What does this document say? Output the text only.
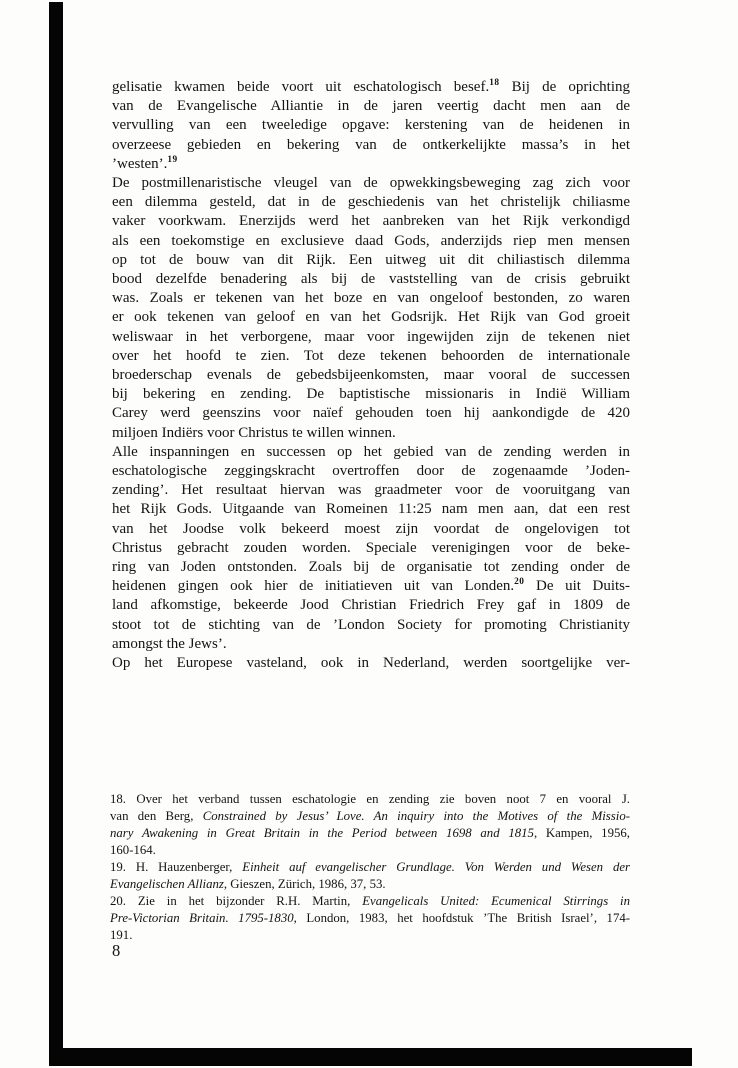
gelisatie kwamen beide voort uit eschatologisch besef.$^{18}$ Bij de oprichting
van de Evangelische Alliantie in de jaren veertig dacht men aan de
vervulling van een tweeledige opgave: kerstening van de heidenen in
overzeese gebieden en bekering van de ontkerkelijkte massa’s in het
’westen’.$^{19}$
De postmillenaristische vleugel van de opwekkingsbeweging zag zich voor
een dilemma gesteld, dat in de geschiedenis van het christelijk chiliasme
vaker voorkwam. Enerzijds werd het aanbreken van het Rijk verkondigd
als een toekomstige en exclusieve daad Gods, anderzijds riep men mensen
op tot de bouw van dit Rijk. Een uitweg uit dit chiliastisch dilemma
bood dezelfde benadering als bij de vaststelling van de crisis gebruikt
was. Zoals er tekenen van het boze en van ongeloof bestonden, zo waren
er ook tekenen van geloof en van het Godsrijk. Het Rijk van God groeit
weliswaar in het verborgene, maar voor ingewijden zijn de tekenen niet
over het hoofd te zien. Tot deze tekenen behoorden de internationale
broederschap evenals de gebedsbijeenkomsten, maar vooral de successen
bij bekering en zending. De baptistische missionaris in Indië William
Carey werd geenszins voor naïef gehouden toen hij aankondigde de 420
miljoen Indiërs voor Christus te willen winnen.
Alle inspanningen en successen op het gebied van de zending werden in
eschatologische zeggingskracht overtroffen door de zogenaamde ’Joden-
zending’. Het resultaat hiervan was graadmeter voor de vooruitgang van
het Rijk Gods. Uitgaande van Romeinen 11:25 nam men aan, dat een rest
van het Joodse volk bekeerd moest zijn voordat de ongelovigen tot
Christus gebracht zouden worden. Speciale verenigingen voor de beke-
ring van Joden ontstonden. Zoals bij de organisatie tot zending onder de
heidenen gingen ook hier de initiatieven uit van Londen.$^{20}$ De uit Duits-
land afkomstige, bekeerde Jood Christian Friedrich Frey gaf in 1809 de
stoot tot de stichting van de ’London Society for promoting Christianity
amongst the Jews’.
Op het Europese vasteland, ook in Nederland, werden soortgelijke ver-
18. Over het verband tussen eschatologie en zending zie boven noot 7 en vooral J.
van den Berg, Constrained by Jesus’ Love. An inquiry into the Motives of the Missio-
nary Awakening in Great Britain in the Period between 1698 and 1815, Kampen, 1956,
160-164.
19. H. Hauzenberger, Einheit auf evangelischer Grundlage. Von Werden und Wesen der
Evangelischen Allianz, Gieszen, Zürich, 1986, 37, 53.
20. Zie in het bijzonder R.H. Martin, Evangelicals United: Ecumenical Stirrings in
Pre-Victorian Britain. 1795-1830, London, 1983, het hoofdstuk ’The British Israel’, 174-
191.
8
